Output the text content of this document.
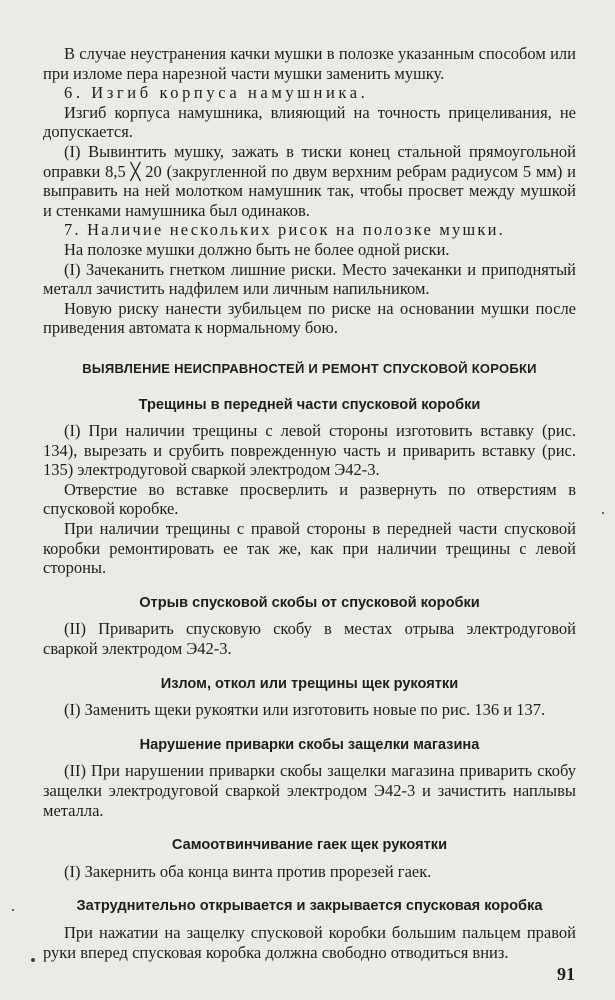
В случае неустранения качки мушки в полозке указанным способом или при изломе пера нарезной части мушки заменить мушку.

6. Изгиб корпуса намушника.

Изгиб корпуса намушника, влияющий на точность прицеливания, не допускается.

(I) Вывинтить мушку, зажать в тиски конец стальной прямоугольной оправки 8,5 ╳ 20 (закругленной по двум верхним ребрам радиусом 5 мм) и выправить на ней молотком намушник так, чтобы просвет между мушкой и стенками намушника был одинаков.

7. Наличие нескольких рисок на полозке мушки.

На полозке мушки должно быть не более одной риски.

(I) Зачеканить гнетком лишние риски. Место зачеканки и приподнятый металл зачистить надфилем или личным напильником.

Новую риску нанести зубильцем по риске на основании мушки после приведения автомата к нормальному бою.

ВЫЯВЛЕНИЕ НЕИСПРАВНОСТЕЙ И РЕМОНТ СПУСКОВОЙ КОРОБКИ
Трещины в передней части спусковой коробки

(I) При наличии трещины с левой стороны изготовить вставку (рис. 134), вырезать и срубить поврежденную часть и приварить вставку (рис. 135) электродуговой сваркой электродом Э42-3.

Отверстие во вставке просверлить и развернуть по отверстиям в спусковой коробке.

При наличии трещины с правой стороны в передней части спусковой коробки ремонтировать ее так же, как при наличии трещины с левой стороны.

Отрыв спусковой скобы от спусковой коробки

(II) Приварить спусковую скобу в местах отрыва электродуговой сваркой электродом Э42-3.

Излом, откол или трещины щек рукоятки

(I) Заменить щеки рукоятки или изготовить новые по рис. 136 и 137.

Нарушение приварки скобы защелки магазина

(II) При нарушении приварки скобы защелки магазина приварить скобу защелки электродуговой сваркой электродом Э42-3 и зачистить наплывы металла.

Самоотвинчивание гаек щек рукоятки

(I) Закернить оба конца винта против прорезей гаек.

Затруднительно открывается и закрывается спусковая коробка

При нажатии на защелку спусковой коробки большим пальцем правой руки вперед спусковая коробка должна свободно отводиться вниз.

91
